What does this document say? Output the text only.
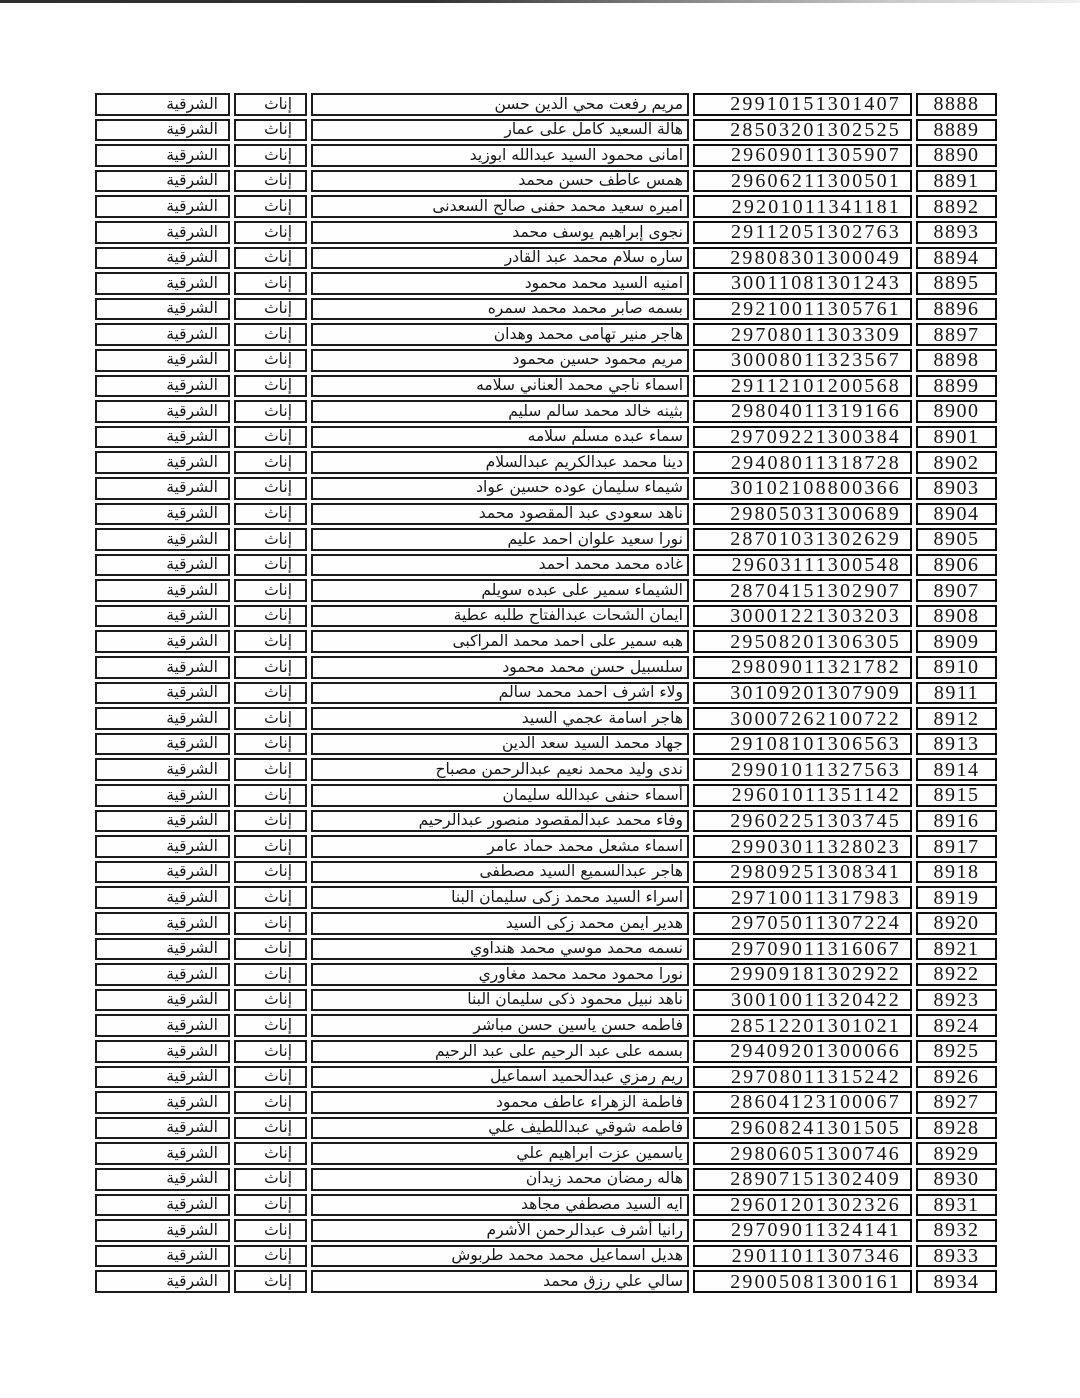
8888
29910151301407
مريم رفعت محي الدين حسن
إناث
الشرقية
8889
28503201302525
هالة السعيد كامل على عمار
إناث
الشرقية
8890
29609011305907
امانى محمود السيد عبدالله ابوزيد
إناث
الشرقية
8891
29606211300501
همس عاطف حسن محمد
إناث
الشرقية
8892
29201011341181
اميره سعيد محمد حفنى صالح السعدنى
إناث
الشرقية
8893
29112051302763
نجوى إبراهيم يوسف محمد
إناث
الشرقية
8894
29808301300049
ساره سلام محمد عبد القادر
إناث
الشرقية
8895
30011081301243
امنيه السيد محمد محمود
إناث
الشرقية
8896
29210011305761
بسمه صابر محمد محمد سمره
إناث
الشرقية
8897
29708011303309
هاجر منير تهامى محمد وهدان
إناث
الشرقية
8898
30008011323567
مريم محمود حسين محمود
إناث
الشرقية
8899
29112101200568
اسماء ناجي محمد العناني سلامه
إناث
الشرقية
8900
29804011319166
بثينه خالد محمد سالم سليم
إناث
الشرقية
8901
29709221300384
سماء عبده مسلم سلامه
إناث
الشرقية
8902
29408011318728
دينا محمد عبدالكريم عبدالسلام
إناث
الشرقية
8903
30102108800366
شيماء سليمان عوده حسين عواد
إناث
الشرقية
8904
29805031300689
ناهد سعودى عبد المقصود محمد
إناث
الشرقية
8905
28701031302629
نورا سعيد علوان احمد عليم
إناث
الشرقية
8906
29603111300548
غاده محمد محمد احمد
إناث
الشرقية
8907
28704151302907
الشيماء سمير على عبده سويلم
إناث
الشرقية
8908
30001221303203
ايمان الشحات عبدالفتاح طلبه عطية
إناث
الشرقية
8909
29508201306305
هبه سمير على احمد محمد المراكبى
إناث
الشرقية
8910
29809011321782
سلسبيل حسن محمد محمود
إناث
الشرقية
8911
30109201307909
ولاء اشرف احمد محمد سالم
إناث
الشرقية
8912
30007262100722
هاجر اسامة عجمي السيد
إناث
الشرقية
8913
29108101306563
جهاد محمد السيد سعد الدين
إناث
الشرقية
8914
29901011327563
ندى وليد محمد نعيم عبدالرحمن مصباح
إناث
الشرقية
8915
29601011351142
أسماء حنفى عبدالله سليمان
إناث
الشرقية
8916
29602251303745
وفاء محمد عبدالمقصود منصور عبدالرحيم
إناث
الشرقية
8917
29903011328023
اسماء مشعل محمد حماد عامر
إناث
الشرقية
8918
29809251308341
هاجر عبدالسميع السيد مصطفى
إناث
الشرقية
8919
29710011317983
اسراء السيد محمد زكى سليمان البنا
إناث
الشرقية
8920
29705011307224
هدير ايمن محمد زكى السيد
إناث
الشرقية
8921
29709011316067
نسمه محمد موسي محمد هنداوي
إناث
الشرقية
8922
29909181302922
نورا محمود محمد محمد مغاوري
إناث
الشرقية
8923
30010011320422
ناهد نبيل محمود ذكى سليمان البنا
إناث
الشرقية
8924
28512201301021
فاطمه حسن ياسين حسن مباشر
إناث
الشرقية
8925
29409201300066
بسمه على عبد الرحيم على عبد الرحيم
إناث
الشرقية
8926
29708011315242
ريم رمزي عبدالحميد اسماعيل
إناث
الشرقية
8927
28604123100067
فاطمة الزهراء عاطف محمود
إناث
الشرقية
8928
29608241301505
فاطمه شوقي عبداللطيف علي
إناث
الشرقية
8929
29806051300746
ياسمين عزت ابراهيم علي
إناث
الشرقية
8930
28907151302409
هاله رمضان محمد زيدان
إناث
الشرقية
8931
29601201302326
ايه السيد مصطفي مجاهد
إناث
الشرقية
8932
29709011324141
رانيا أشرف عبدالرحمن الأشرم
إناث
الشرقية
8933
29011011307346
هديل اسماعيل محمد محمد طربوش
إناث
الشرقية
8934
29005081300161
سالي علي رزق محمد
إناث
الشرقية
